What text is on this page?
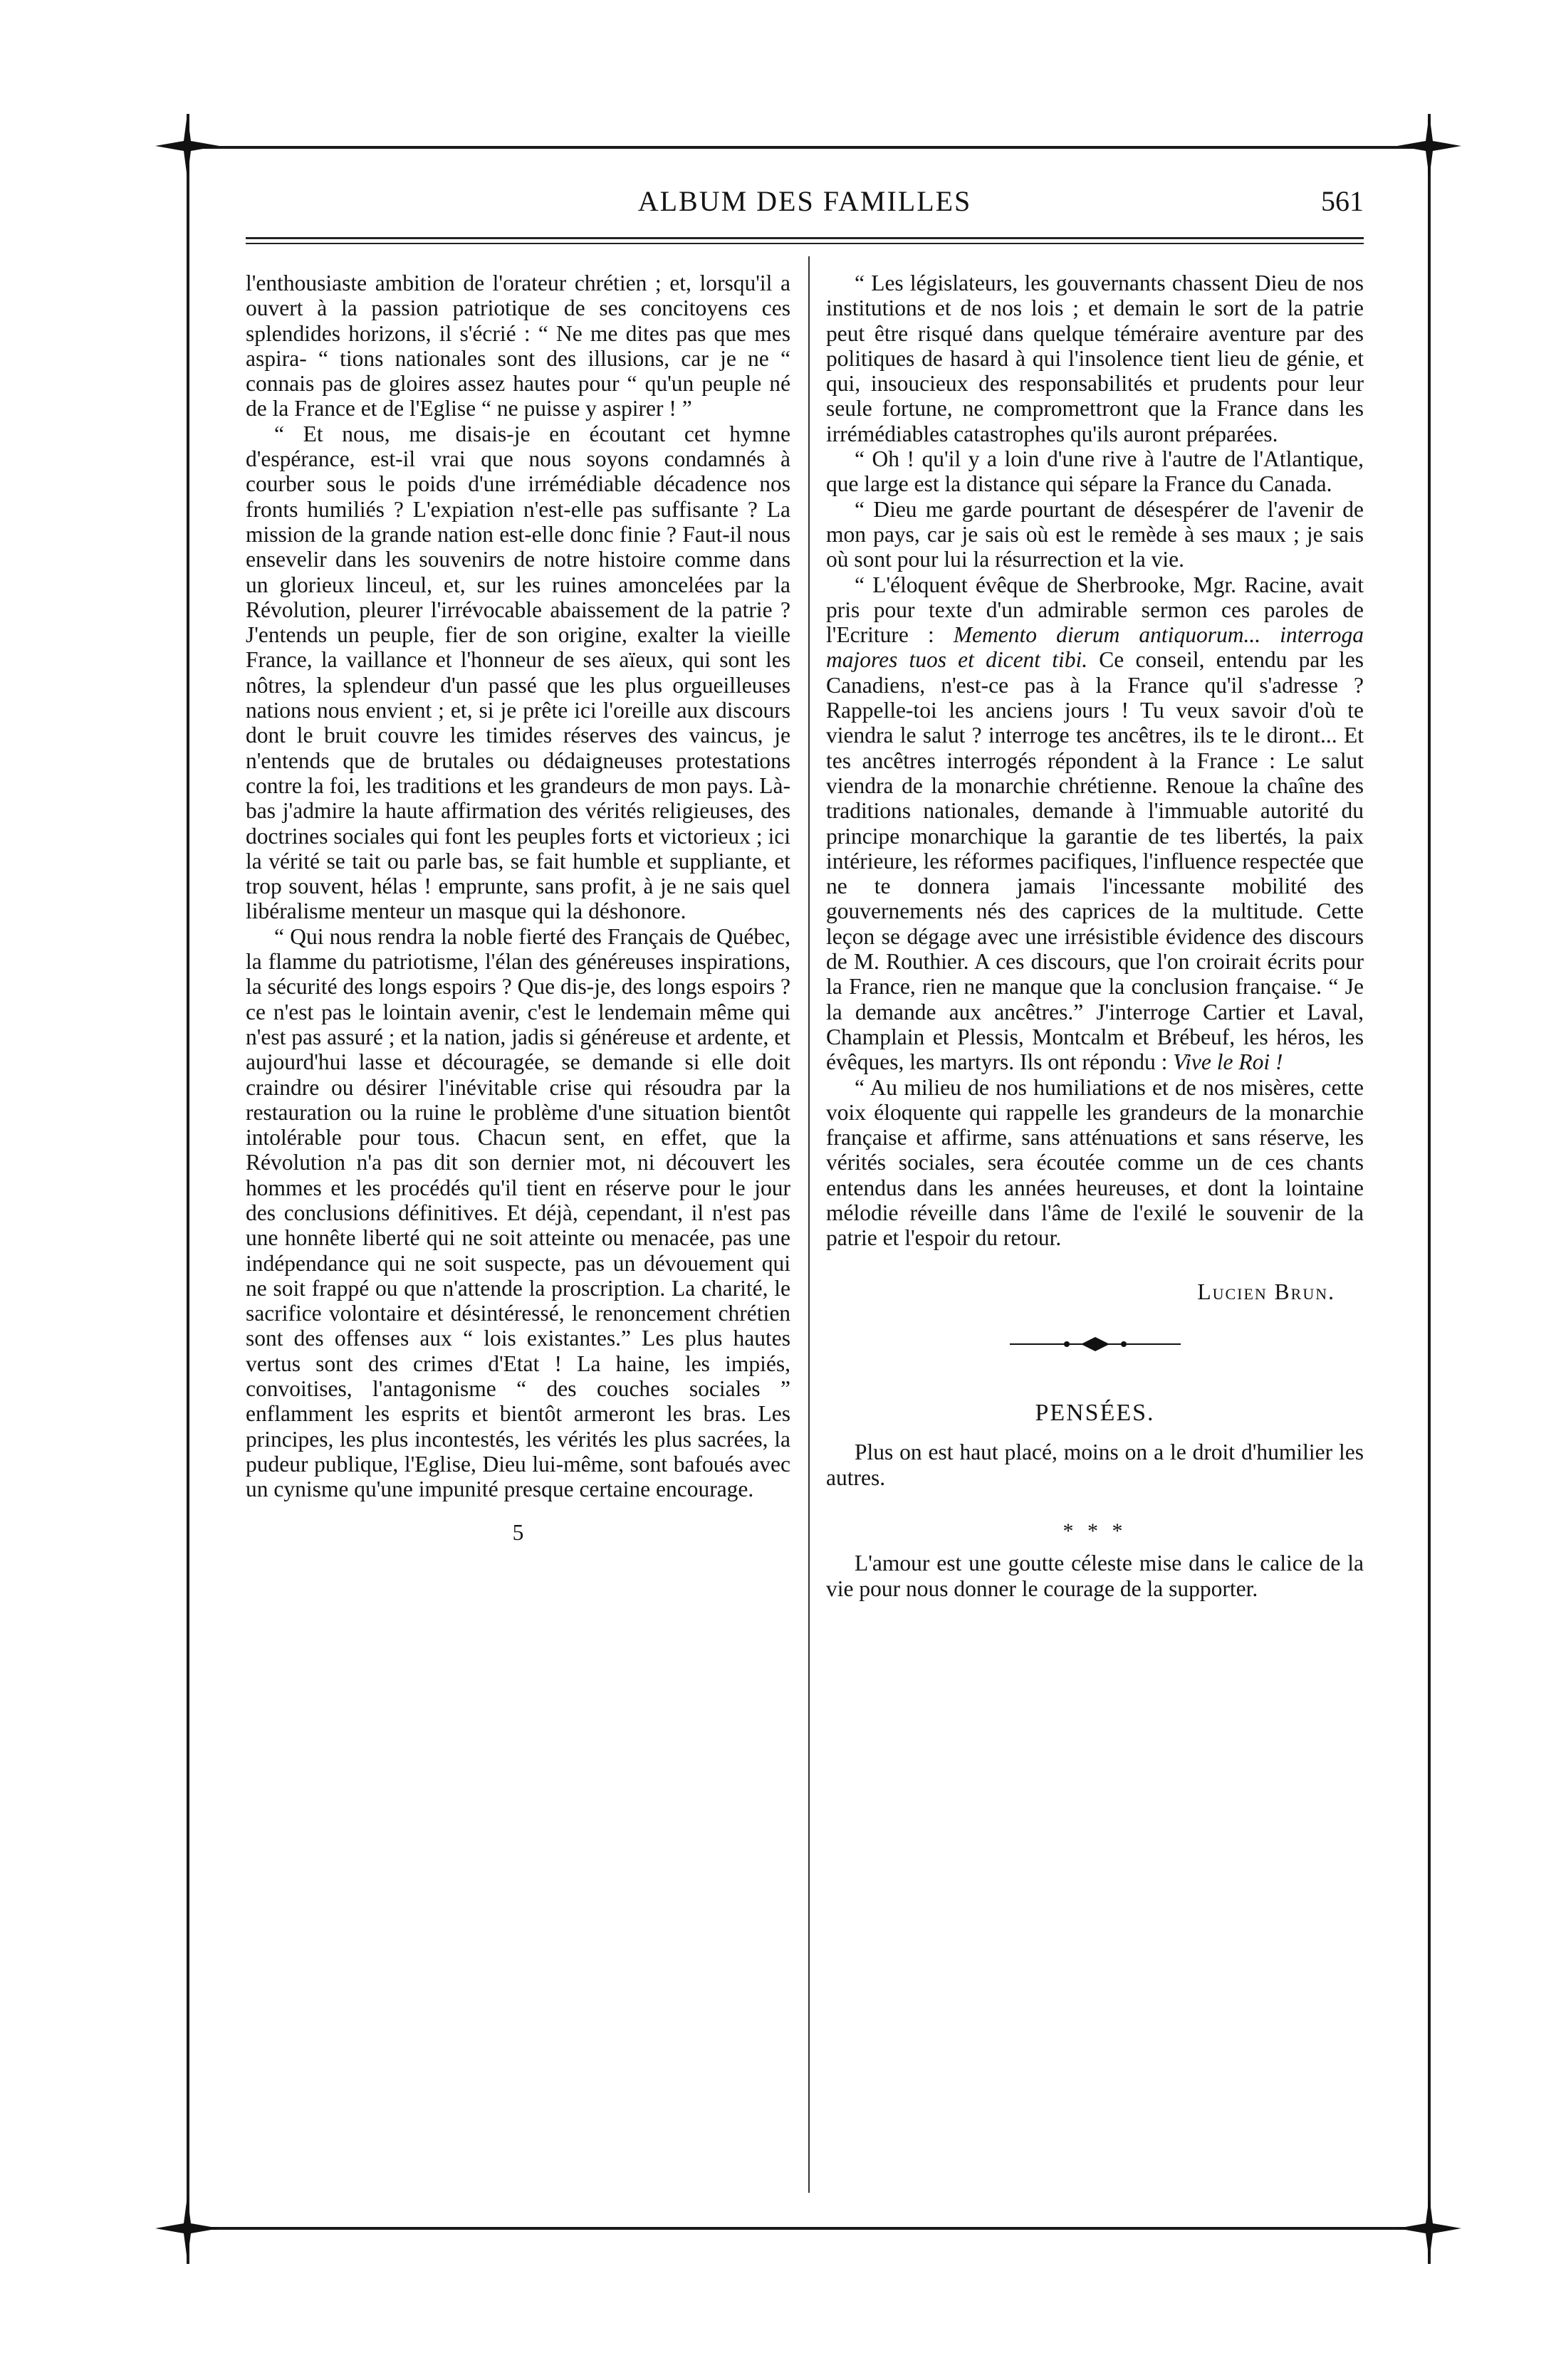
ALBUM DES FAMILLES	561

l'enthousiaste ambition de l'orateur chrétien ; et, lorsqu'il a ouvert à la passion patriotique de ses concitoyens ces splendides horizons, il s'écrié : “ Ne me dites pas que mes aspira- “ tions nationales sont des illusions, car je ne “ connais pas de gloires assez hautes pour “ qu'un peuple né de la France et de l'Eglise “ ne puisse y aspirer ! ”

“ Et nous, me disais-je en écoutant cet hymne d'espérance, est-il vrai que nous soyons condamnés à courber sous le poids d'une irrémédiable décadence nos fronts humiliés ? L'expiation n'est-elle pas suffisante ? La mission de la grande nation est-elle donc finie ? Faut-il nous ensevelir dans les souvenirs de notre histoire comme dans un glorieux linceul, et, sur les ruines amoncelées par la Révolution, pleurer l'irrévocable abaissement de la patrie ? J'entends un peuple, fier de son origine, exalter la vieille France, la vaillance et l'honneur de ses aïeux, qui sont les nôtres, la splendeur d'un passé que les plus orgueilleuses nations nous envient ; et, si je prête ici l'oreille aux discours dont le bruit couvre les timides réserves des vaincus, je n'entends que de brutales ou dédaigneuses protestations contre la foi, les traditions et les grandeurs de mon pays. Là-bas j'admire la haute affirmation des vérités religieuses, des doctrines sociales qui font les peuples forts et victorieux ; ici la vérité se tait ou parle bas, se fait humble et suppliante, et trop souvent, hélas ! emprunte, sans profit, à je ne sais quel libéralisme menteur un masque qui la déshonore.

“ Qui nous rendra la noble fierté des Français de Québec, la flamme du patriotisme, l'élan des généreuses inspirations, la sécurité des longs espoirs ? Que dis-je, des longs espoirs ? ce n'est pas le lointain avenir, c'est le lendemain même qui n'est pas assuré ; et la nation, jadis si généreuse et ardente, et aujourd'hui lasse et découragée, se demande si elle doit craindre ou désirer l'inévitable crise qui résoudra par la restauration ou la ruine le problème d'une situation bientôt intolérable pour tous. Chacun sent, en effet, que la Révolution n'a pas dit son dernier mot, ni découvert les hommes et les procédés qu'il tient en réserve pour le jour des conclusions définitives. Et déjà, cependant, il n'est pas une honnête liberté qui ne soit atteinte ou menacée, pas une indépendance qui ne soit suspecte, pas un dévouement qui ne soit frappé ou que n'attende la proscription. La charité, le sacrifice volontaire et désintéressé, le renoncement chrétien sont des offenses aux “ lois existantes.” Les plus hautes vertus sont des crimes d'Etat ! La haine, les impiés, convoitises, l'antagonisme “ des couches sociales ” enflamment les esprits et bientôt armeront les bras. Les principes, les plus incontestés, les vérités les plus sacrées, la pudeur publique, l'Eglise, Dieu lui-même, sont bafoués avec un cynisme qu'une impunité presque certaine encourage.

5

“ Les législateurs, les gouvernants chassent Dieu de nos institutions et de nos lois ; et demain le sort de la patrie peut être risqué dans quelque téméraire aventure par des politiques de hasard à qui l'insolence tient lieu de génie, et qui, insoucieux des responsabilités et prudents pour leur seule fortune, ne compromettront que la France dans les irrémédiables catastrophes qu'ils auront préparées.

“ Oh ! qu'il y a loin d'une rive à l'autre de l'Atlantique, que large est la distance qui sépare la France du Canada.

“ Dieu me garde pourtant de désespérer de l'avenir de mon pays, car je sais où est le remède à ses maux ; je sais où sont pour lui la résurrection et la vie.

“ L'éloquent évêque de Sherbrooke, Mgr. Racine, avait pris pour texte d'un admirable sermon ces paroles de l'Ecriture : Memento dierum antiquorum... interroga majores tuos et dicent tibi. Ce conseil, entendu par les Canadiens, n'est-ce pas à la France qu'il s'adresse ? Rappelle-toi les anciens jours ! Tu veux savoir d'où te viendra le salut ? interroge tes ancêtres, ils te le diront... Et tes ancêtres interrogés répondent à la France : Le salut viendra de la monarchie chrétienne. Renoue la chaîne des traditions nationales, demande à l'immuable autorité du principe monarchique la garantie de tes libertés, la paix intérieure, les réformes pacifiques, l'influence respectée que ne te donnera jamais l'incessante mobilité des gouvernements nés des caprices de la multitude. Cette leçon se dégage avec une irrésistible évidence des discours de M. Routhier. A ces discours, que l'on croirait écrits pour la France, rien ne manque que la conclusion française. “ Je la demande aux ancêtres.” J'interroge Cartier et Laval, Champlain et Plessis, Montcalm et Brébeuf, les héros, les évêques, les martyrs. Ils ont répondu : Vive le Roi !

“ Au milieu de nos humiliations et de nos misères, cette voix éloquente qui rappelle les grandeurs de la monarchie française et affirme, sans atténuations et sans réserve, les vérités sociales, sera écoutée comme un de ces chants entendus dans les années heureuses, et dont la lointaine mélodie réveille dans l'âme de l'exilé le souvenir de la patrie et l'espoir du retour.

Lucien Brun.

PENSÉES.

Plus on est haut placé, moins on a le droit d'humilier les autres.

* * *

L'amour est une goutte céleste mise dans le calice de la vie pour nous donner le courage de la supporter.
